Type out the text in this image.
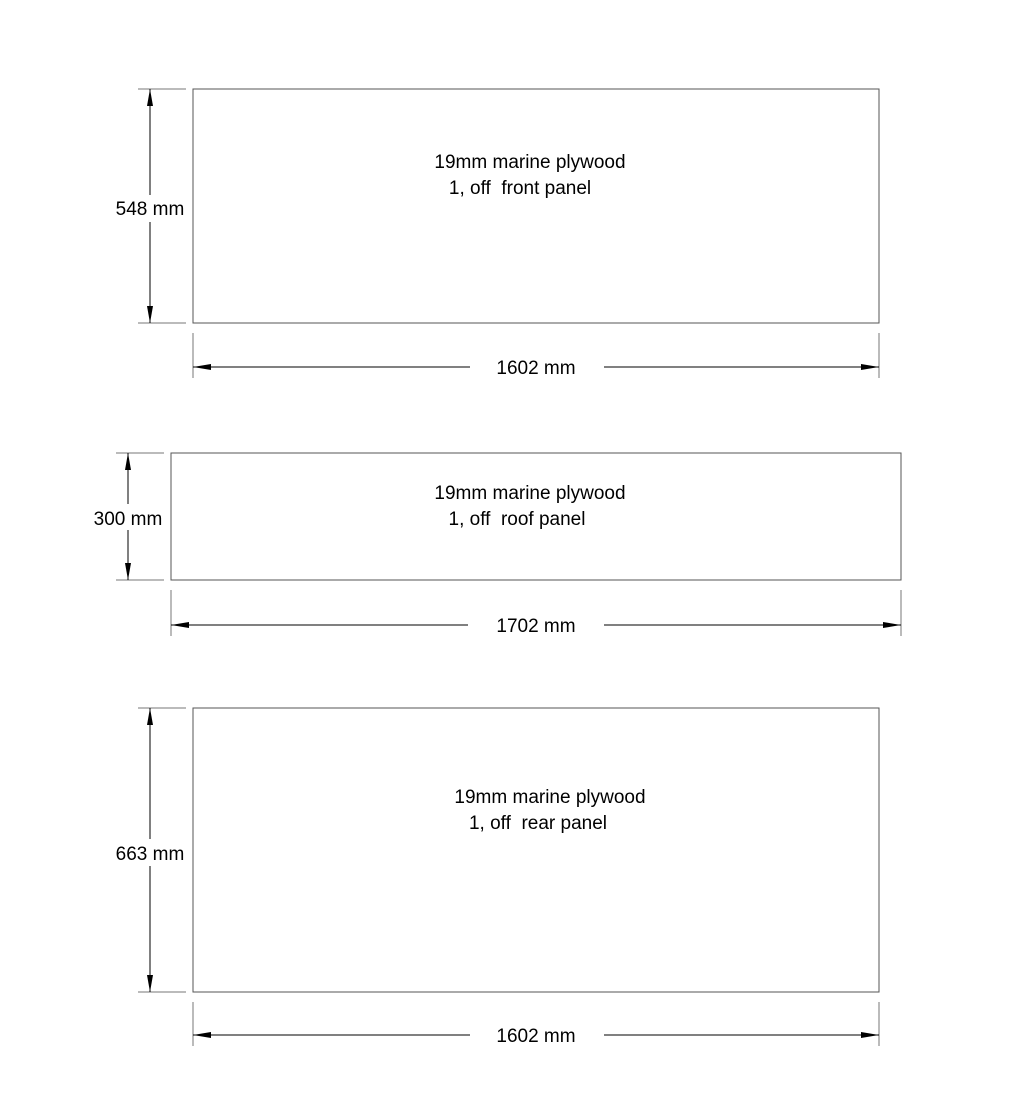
19mm marine plywood
1, off  front panel
548 mm
1602 mm
19mm marine plywood
1, off  roof panel
300 mm
1702 mm
19mm marine plywood
1, off  rear panel
663 mm
1602 mm
